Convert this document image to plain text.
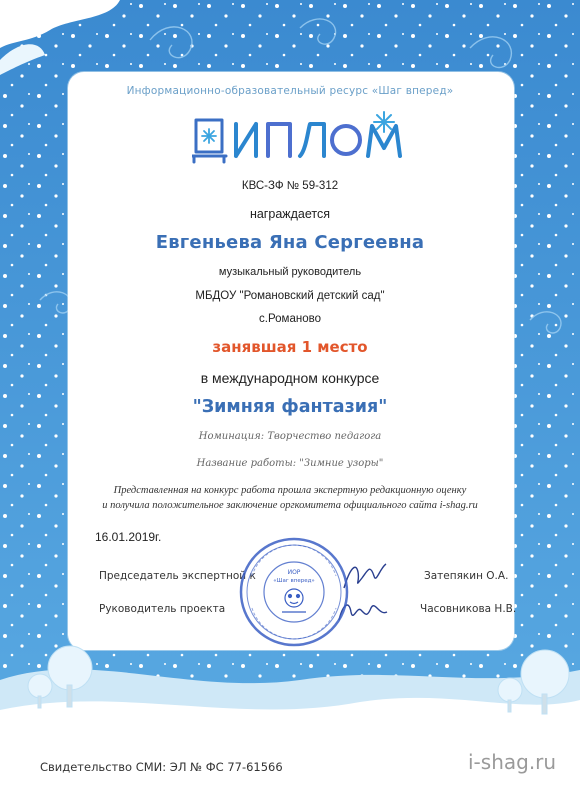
Информационно-образовательный ресурс «Шаг вперед»
КВС-ЗФ № 59-312
награждается
Евгеньева Яна Сергеевна
музыкальный руководитель
МБДОУ "Романовский детский сад"
с.Романово
занявшая 1 место
в международном конкурсе
"Зимняя фантазия"
Номинация: Творчество педагога
Название работы: "Зимние узоры"
Представленная на конкурс работа прошла экспертную редакционную оценку
и получила положительное заключение оргкомитета официального сайта i-shag.ru
16.01.2019г.
Председатель экспертной к	Затепякин О.А.
Руководитель проекта	Часовникова Н.В.
ИОР
«Шаг вперед»
Свидетельство СМИ: ЭЛ № ФС 77-61566	i-shag.ru
